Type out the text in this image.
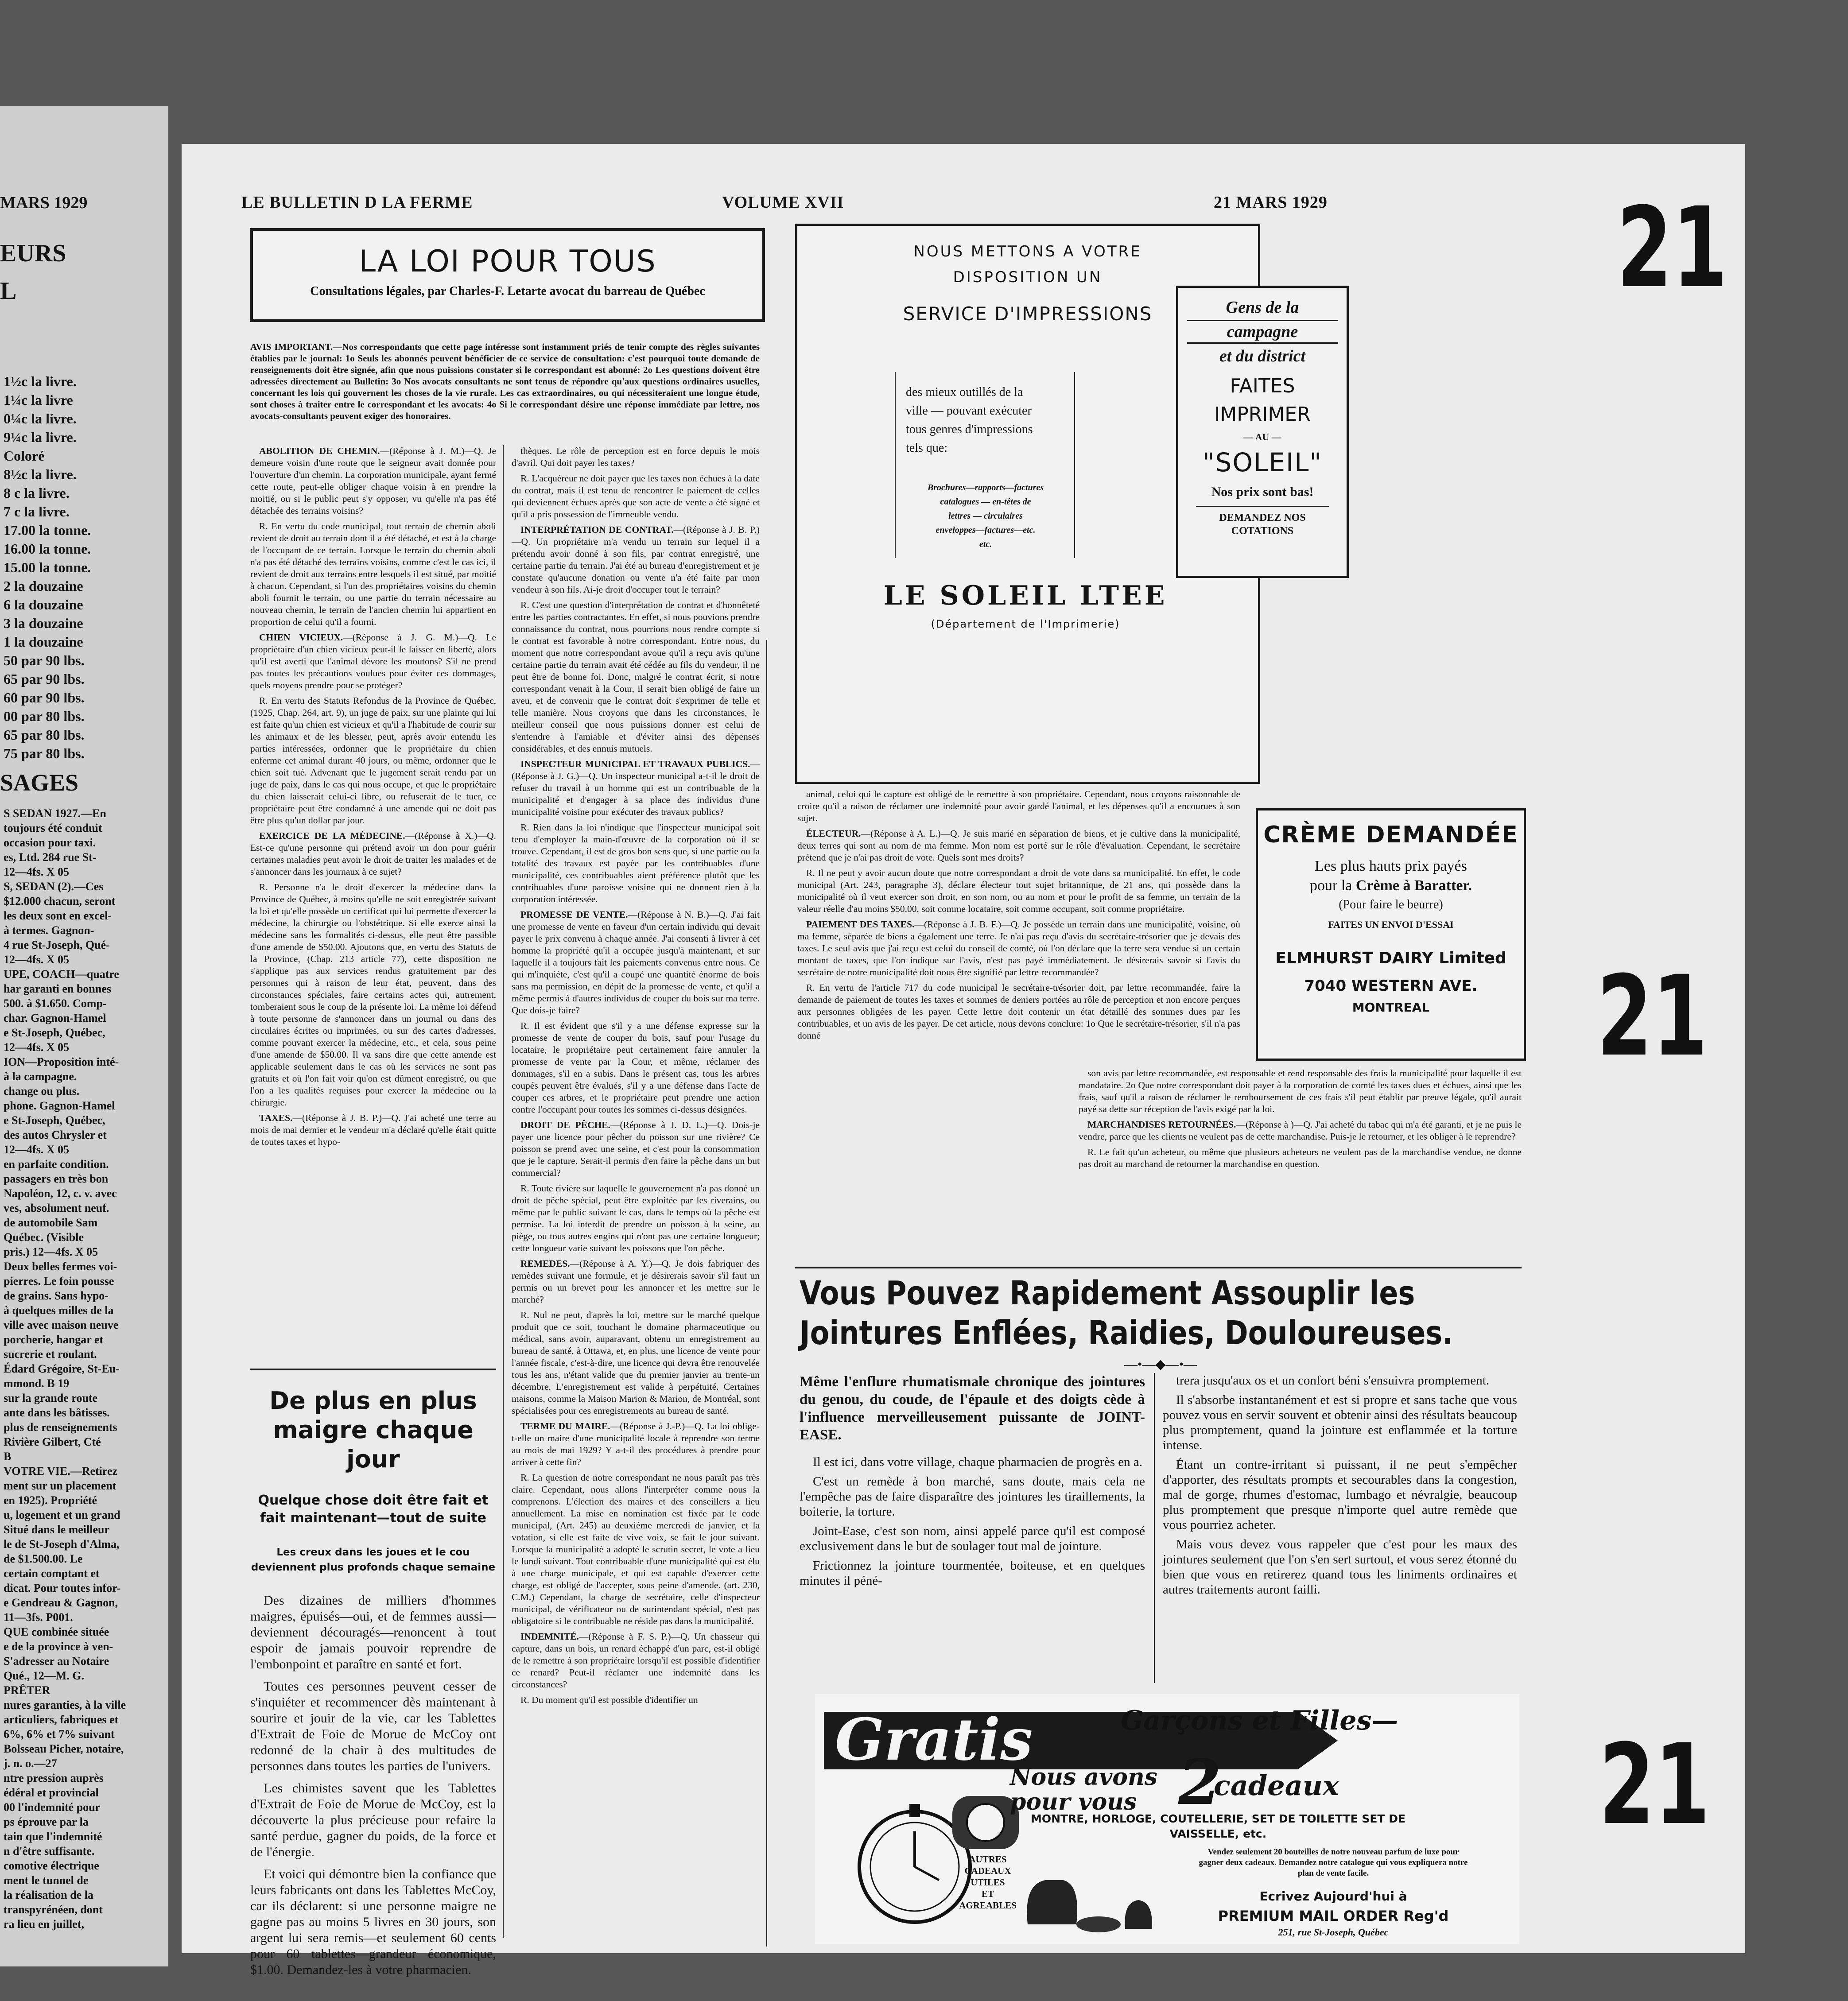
MARS 1929
EURS
L
1½c la livre.
1¼c la livre
0¼c la livre.
9¼c la livre.
Coloré
8½c la livre.
8 c la livre.
7 c la livre.
17.00 la tonne.
16.00 la tonne.
15.00 la tonne.
2 la douzaine
6 la douzaine
3 la douzaine
1 la douzaine
50 par 90 lbs.
65 par 90 lbs.
60 par 90 lbs.
00 par 80 lbs.
65 par 80 lbs.
75 par 80 lbs.
SAGES
S SEDAN 1927.—En
toujours été conduit
occasion pour taxi.
es, Ltd. 284 rue St-
12—4fs. X 05
S, SEDAN (2).—Ces
$12.000 chacun, seront
les deux sont en excel-
à termes. Gagnon-
4 rue St-Joseph, Qué-
12—4fs. X 05
UPE, COACH—quatre
har garanti en bonnes
500. à $1.650. Comp-
char. Gagnon-Hamel
e St-Joseph, Québec,
12—4fs. X 05
ION—Proposition inté-
à la campagne.
change ou plus.
phone. Gagnon-Hamel
e St-Joseph, Québec,
des autos Chrysler et
12—4fs. X 05
en parfaite condition.
passagers en très bon
Napoléon, 12, c. v. avec
ves, absolument neuf.
de automobile Sam
Québec. (Visible
pris.) 12—4fs. X 05
Deux belles fermes voi-
pierres. Le foin pousse
de grains. Sans hypo-
à quelques milles de la
ville avec maison neuve
porcherie, hangar et
sucrerie et roulant.
Édard Grégoire, St-Eu-
mmond. B 19
sur la grande route
ante dans les bâtisses.
plus de renseignements
Rivière Gilbert, Cté
B
VOTRE VIE.—Retirez
ment sur un placement
en 1925). Propriété
u, logement et un grand
Situé dans le meilleur
le de St-Joseph d'Alma,
de $1.500.00. Le
certain comptant et
dicat. Pour toutes infor-
e Gendreau & Gagnon,
11—3fs. P001.
QUE combinée située
e de la province à ven-
S'adresser au Notaire
Qué., 12—M. G.
PRÊTER
nures garanties, à la ville
articuliers, fabriques et
6%, 6% et 7% suivant
Bolsseau Picher, notaire,
j. n. o.—27
ntre pression auprès
édéral et provincial
00 l'indemnité pour
ps éprouve par la
tain que l'indemnité
n d'être suffisante.
comotive électrique
ment le tunnel de
la réalisation de la
transpyrénéen, dont
ra lieu en juillet,
LE BULLETIN D LA FERME	VOLUME XVII	21 MARS 1929
LA LOI POUR TOUS
Consultations légales, par Charles-F. Letarte avocat du barreau de Québec
AVIS IMPORTANT.—Nos correspondants que cette page intéresse sont instamment priés de tenir compte des règles suivantes établies par le journal: 1o Seuls les abonnés peuvent bénéficier de ce service de consultation: c'est pourquoi toute demande de renseignements doit être signée, afin que nous puissions constater si le correspondant est abonné: 2o Les questions doivent être adressées directement au Bulletin: 3o Nos avocats consultants ne sont tenus de répondre qu'aux questions ordinaires usuelles, concernant les lois qui gouvernent les choses de la vie rurale. Les cas extraordinaires, ou qui nécessiteraient une longue étude, sont choses à traiter entre le correspondant et les avocats: 4o Si le correspondant désire une réponse immédiate par lettre, nos avocats-consultants peuvent exiger des honoraires.

ABOLITION DE CHEMIN.—(Réponse à J. M.)—Q. Je demeure voisin d'une route que le seigneur avait donnée pour l'ouverture d'un chemin. La corporation municipale, ayant fermé cette route, peut-elle obliger chaque voisin à en prendre la moitié, ou si le public peut s'y opposer, vu qu'elle n'a pas été détachée des terrains voisins?

R. En vertu du code municipal, tout terrain de chemin aboli revient de droit au terrain dont il a été détaché, et est à la charge de l'occupant de ce terrain. Lorsque le terrain du chemin aboli n'a pas été détaché des terrains voisins, comme c'est le cas ici, il revient de droit aux terrains entre lesquels il est situé, par moitié à chacun. Cependant, si l'un des propriétaires voisins du chemin aboli fournit le terrain, ou une partie du terrain nécessaire au nouveau chemin, le terrain de l'ancien chemin lui appartient en proportion de celui qu'il a fourni.

CHIEN VICIEUX.—(Réponse à J. G. M.)—Q. Le propriétaire d'un chien vicieux peut-il le laisser en liberté, alors qu'il est averti que l'animal dévore les moutons? S'il ne prend pas toutes les précautions voulues pour éviter ces dommages, quels moyens prendre pour se protéger?

R. En vertu des Statuts Refondus de la Province de Québec, (1925, Chap. 264, art. 9), un juge de paix, sur une plainte qui lui est faite qu'un chien est vicieux et qu'il a l'habitude de courir sur les animaux et de les blesser, peut, après avoir entendu les parties intéressées, ordonner que le propriétaire du chien enferme cet animal durant 40 jours, ou même, ordonner que le chien soit tué. Advenant que le jugement serait rendu par un juge de paix, dans le cas qui nous occupe, et que le propriétaire du chien laisserait celui-ci libre, ou refuserait de le tuer, ce propriétaire peut être condamné à une amende qui ne doit pas être plus qu'un dollar par jour.

EXERCICE DE LA MÉDECINE.—(Réponse à X.)—Q. Est-ce qu'une personne qui prétend avoir un don pour guérir certaines maladies peut avoir le droit de traiter les malades et de s'annoncer dans les journaux à ce sujet?

R. Personne n'a le droit d'exercer la médecine dans la Province de Québec, à moins qu'elle ne soit enregistrée suivant la loi et qu'elle possède un certificat qui lui permette d'exercer la médecine, la chirurgie ou l'obstétrique. Si elle exerce ainsi la médecine sans les formalités ci-dessus, elle peut être passible d'une amende de $50.00. Ajoutons que, en vertu des Statuts de la Province, (Chap. 213 article 77), cette disposition ne s'applique pas aux services rendus gratuitement par des personnes qui à raison de leur état, peuvent, dans des circonstances spéciales, faire certains actes qui, autrement, tomberaient sous le coup de la présente loi. La même loi défend à toute personne de s'annoncer dans un journal ou dans des circulaires écrites ou imprimées, ou sur des cartes d'adresses, comme pouvant exercer la médecine, etc., et cela, sous peine d'une amende de $50.00. Il va sans dire que cette amende est applicable seulement dans le cas où les services ne sont pas gratuits et où l'on fait voir qu'on est dûment enregistré, ou que l'on a les qualités requises pour exercer la médecine ou la chirurgie.

TAXES.—(Réponse à J. B. P.)—Q. J'ai acheté une terre au mois de mai dernier et le vendeur m'a déclaré qu'elle était quitte de toutes taxes et hypo-

thèques. Le rôle de perception est en force depuis le mois d'avril. Qui doit payer les taxes?

R. L'acquéreur ne doit payer que les taxes non échues à la date du contrat, mais il est tenu de rencontrer le paiement de celles qui deviennent échues après que son acte de vente a été signé et qu'il a pris possession de l'immeuble vendu.

INTERPRÉTATION DE CONTRAT.—(Réponse à J. B. P.)—Q. Un propriétaire m'a vendu un terrain sur lequel il a prétendu avoir donné à son fils, par contrat enregistré, une certaine partie du terrain. J'ai été au bureau d'enregistrement et je constate qu'aucune donation ou vente n'a été faite par mon vendeur à son fils. Ai-je droit d'occuper tout le terrain?

R. C'est une question d'interprétation de contrat et d'honnêteté entre les parties contractantes. En effet, si nous pouvions prendre connaissance du contrat, nous pourrions nous rendre compte si le contrat est favorable à notre correspondant. Entre nous, du moment que notre correspondant avoue qu'il a reçu avis qu'une certaine partie du terrain avait été cédée au fils du vendeur, il ne peut être de bonne foi. Donc, malgré le contrat écrit, si notre correspondant venait à la Cour, il serait bien obligé de faire un aveu, et de convenir que le contrat doit s'exprimer de telle et telle manière. Nous croyons que dans les circonstances, le meilleur conseil que nous puissions donner est celui de s'entendre à l'amiable et d'éviter ainsi des dépenses considérables, et des ennuis mutuels.

INSPECTEUR MUNICIPAL ET TRAVAUX PUBLICS.—(Réponse à J. G.)—Q. Un inspecteur municipal a-t-il le droit de refuser du travail à un homme qui est un contribuable de la municipalité et d'engager à sa place des individus d'une municipalité voisine pour exécuter des travaux publics?

R. Rien dans la loi n'indique que l'inspecteur municipal soit tenu d'employer la main-d'œuvre de la corporation où il se trouve. Cependant, il est de gros bon sens que, si une partie ou la totalité des travaux est payée par les contribuables d'une municipalité, ces contribuables aient préférence plutôt que les contribuables d'une paroisse voisine qui ne donnent rien à la corporation intéressée.

PROMESSE DE VENTE.—(Réponse à N. B.)—Q. J'ai fait une promesse de vente en faveur d'un certain individu qui devait payer le prix convenu à chaque année. J'ai consenti à livrer à cet homme la propriété qu'il a occupée jusqu'à maintenant, et sur laquelle il a toujours fait les paiements convenus entre nous. Ce qui m'inquiète, c'est qu'il a coupé une quantité énorme de bois sans ma permission, en dépit de la promesse de vente, et qu'il a même permis à d'autres individus de couper du bois sur ma terre. Que dois-je faire?

R. Il est évident que s'il y a une défense expresse sur la promesse de vente de couper du bois, sauf pour l'usage du locataire, le propriétaire peut certainement faire annuler la promesse de vente par la Cour, et même, réclamer des dommages, s'il en a subis. Dans le présent cas, tous les arbres coupés peuvent être évalués, s'il y a une défense dans l'acte de couper ces arbres, et le propriétaire peut prendre une action contre l'occupant pour toutes les sommes ci-dessus désignées.

DROIT DE PÊCHE.—(Réponse à J. D. L.)—Q. Dois-je payer une licence pour pêcher du poisson sur une rivière? Ce poisson se prend avec une seine, et c'est pour la consommation que je le capture. Serait-il permis d'en faire la pêche dans un but commercial?

R. Toute rivière sur laquelle le gouvernement n'a pas donné un droit de pêche spécial, peut être exploitée par les riverains, ou même par le public suivant le cas, dans le temps où la pêche est permise. La loi interdit de prendre un poisson à la seine, au piège, ou tous autres engins qui n'ont pas une certaine longueur; cette longueur varie suivant les poissons que l'on pêche.

REMEDES.—(Réponse à A. Y.)—Q. Je dois fabriquer des remèdes suivant une formule, et je désirerais savoir s'il faut un permis ou un brevet pour les annoncer et les mettre sur le marché?

R. Nul ne peut, d'après la loi, mettre sur le marché quelque produit que ce soit, touchant le domaine pharmaceutique ou médical, sans avoir, auparavant, obtenu un enregistrement au bureau de santé, à Ottawa, et, en plus, une licence de vente pour l'année fiscale, c'est-à-dire, une licence qui devra être renouvelée tous les ans, n'étant valide que du premier janvier au trente-un décembre. L'enregistrement est valide à perpétuité. Certaines maisons, comme la Maison Marion & Marion, de Montréal, sont spécialisées pour ces enregistrements au bureau de santé.

TERME DU MAIRE.—(Réponse à J.-P.)—Q. La loi oblige-t-elle un maire d'une municipalité locale à reprendre son terme au mois de mai 1929? Y a-t-il des procédures à prendre pour arriver à cette fin?

R. La question de notre correspondant ne nous paraît pas très claire. Cependant, nous allons l'interpréter comme nous la comprenons. L'élection des maires et des conseillers a lieu annuellement. La mise en nomination est fixée par le code municipal, (Art. 245) au deuxième mercredi de janvier, et la votation, si elle est faite de vive voix, se fait le jour suivant. Lorsque la municipalité a adopté le scrutin secret, le vote a lieu le lundi suivant. Tout contribuable d'une municipalité qui est élu à une charge municipale, et qui est capable d'exercer cette charge, est obligé de l'accepter, sous peine d'amende. (art. 230, C.M.) Cependant, la charge de secrétaire, celle d'inspecteur municipal, de vérificateur ou de surintendant spécial, n'est pas obligatoire si le contribuable ne réside pas dans la municipalité.

INDEMNITÉ.—(Réponse à F. S. P.)—Q. Un chasseur qui capture, dans un bois, un renard échappé d'un parc, est-il obligé de le remettre à son propriétaire lorsqu'il est possible d'identifier ce renard? Peut-il réclamer une indemnité dans les circonstances?

R. Du moment qu'il est possible d'identifier un

De plus en plus maigre chaque jour
Quelque chose doit être fait et fait maintenant—tout de suite
Les creux dans les joues et le cou deviennent plus profonds chaque semaine

Des dizaines de milliers d'hommes maigres, épuisés—oui, et de femmes aussi—deviennent découragés—renoncent à tout espoir de jamais pouvoir reprendre de l'embonpoint et paraître en santé et fort.

Toutes ces personnes peuvent cesser de s'inquiéter et recommencer dès maintenant à sourire et jouir de la vie, car les Tablettes d'Extrait de Foie de Morue de McCoy ont redonné de la chair à des multitudes de personnes dans toutes les parties de l'univers.

Les chimistes savent que les Tablettes d'Extrait de Foie de Morue de McCoy, est la découverte la plus précieuse pour refaire la santé perdue, gagner du poids, de la force et de l'énergie.

Et voici qui démontre bien la confiance que leurs fabricants ont dans les Tablettes McCoy, car ils déclarent: si une personne maigre ne gagne pas au moins 5 livres en 30 jours, son argent lui sera remis—et seulement 60 cents pour 60 tablettes—grandeur économique, $1.00. Demandez-les à votre pharmacien.

NOUS METTONS A VOTRE
DISPOSITION UN
SERVICE D'IMPRESSIONS
des mieux outillés de la
ville — pouvant exécuter
tous genres d'impressions
tels que:
Brochures—rapports—factures
catalogues — en-têtes de
lettres — circulaires
enveloppes—factures—etc.
etc.
LE SOLEIL LTEE
(Département de l'Imprimerie)
Gens de la
campagne
et du district
FAITES
IMPRIMER
— AU —
"SOLEIL"
Nos prix sont bas!
DEMANDEZ NOS
COTATIONS

animal, celui qui le capture est obligé de le remettre à son propriétaire. Cependant, nous croyons raisonnable de croire qu'il a raison de réclamer une indemnité pour avoir gardé l'animal, et les dépenses qu'il a encourues à son sujet.

ÉLECTEUR.—(Réponse à A. L.)—Q. Je suis marié en séparation de biens, et je cultive dans la municipalité, deux terres qui sont au nom de ma femme. Mon nom est porté sur le rôle d'évaluation. Cependant, le secrétaire prétend que je n'ai pas droit de vote. Quels sont mes droits?

R. Il ne peut y avoir aucun doute que notre correspondant a droit de vote dans sa municipalité. En effet, le code municipal (Art. 243, paragraphe 3), déclare électeur tout sujet britannique, de 21 ans, qui possède dans la municipalité où il veut exercer son droit, en son nom, ou au nom et pour le profit de sa femme, un terrain de la valeur réelle d'au moins $50.00, soit comme locataire, soit comme occupant, soit comme propriétaire.

PAIEMENT DES TAXES.—(Réponse à J. B. F.)—Q. Je possède un terrain dans une municipalité, voisine, où ma femme, séparée de biens a également une terre. Je n'ai pas reçu d'avis du secrétaire-trésorier que je devais des taxes. Le seul avis que j'ai reçu est celui du conseil de comté, où l'on déclare que la terre sera vendue si un certain montant de taxes, que l'on indique sur l'avis, n'est pas payé immédiatement. Je désirerais savoir si l'avis du secrétaire de notre municipalité doit nous être signifié par lettre recommandée?

R. En vertu de l'article 717 du code municipal le secrétaire-trésorier doit, par lettre recommandée, faire la demande de paiement de toutes les taxes et sommes de deniers portées au rôle de perception et non encore perçues aux personnes obligées de les payer. Cette lettre doit contenir un état détaillé des sommes dues par les contribuables, et un avis de les payer. De cet article, nous devons conclure: 1o Que le secrétaire-trésorier, s'il n'a pas donné

CRÈME DEMANDÉE
Les plus hauts prix payés
pour la Crème à Baratter.
(Pour faire le beurre)
FAITES UN ENVOI D'ESSAI
ELMHURST DAIRY Limited
7040 WESTERN AVE.
MONTREAL

son avis par lettre recommandée, est responsable et rend responsable des frais la municipalité pour laquelle il est mandataire. 2o Que notre correspondant doit payer à la corporation de comté les taxes dues et échues, ainsi que les frais, sauf qu'il a raison de réclamer le remboursement de ces frais s'il peut établir par preuve légale, qu'il aurait payé sa dette sur réception de l'avis exigé par la loi.

MARCHANDISES RETOURNÉES.—(Réponse à )—Q. J'ai acheté du tabac qui m'a été garanti, et je ne puis le vendre, parce que les clients ne veulent pas de cette marchandise. Puis-je le retourner, et les obliger à le reprendre?

R. Le fait qu'un acheteur, ou même que plusieurs acheteurs ne veulent pas de la marchandise vendue, ne donne pas droit au marchand de retourner la marchandise en question.

Vous Pouvez Rapidement Assouplir les
Jointures Enflées, Raidies, Douloureuses.
—•—◆—•—
Même l'enflure rhumatismale chronique des jointures du genou, du coude, de l'épaule et des doigts cède à l'influence merveilleusement puissante de JOINT-EASE.

Il est ici, dans votre village, chaque pharmacien de progrès en a.

C'est un remède à bon marché, sans doute, mais cela ne l'empêche pas de faire disparaître des jointures les tiraillements, la boiterie, la torture.

Joint-Ease, c'est son nom, ainsi appelé parce qu'il est composé exclusivement dans le but de soulager tout mal de jointure.

Frictionnez la jointure tourmentée, boiteuse, et en quelques minutes il péné-

trera jusqu'aux os et un confort béni s'ensuivra promptement.

Il s'absorbe instantanément et est si propre et sans tache que vous pouvez vous en servir souvent et obtenir ainsi des résultats beaucoup plus promptement, quand la jointure est enflammée et la torture intense.

Étant un contre-irritant si puissant, il ne peut s'empêcher d'apporter, des résultats prompts et secourables dans la congestion, mal de gorge, rhumes d'estomac, lumbago et névralgie, beaucoup plus promptement que presque n'importe quel autre remède que vous pourriez acheter.

Mais vous devez vous rappeler que c'est pour les maux des jointures seulement que l'on s'en sert surtout, et vous serez étonné du bien que vous en retirerez quand tous les liniments ordinaires et autres traitements auront failli.

Gratis	Garçons et Filles—
Nous avons pour vous 2
cadeaux
MONTRE, HORLOGE, COUTELLERIE, SET DE TOILETTE SET DE VAISSELLE, etc.
AUTRES
CADEAUX
UTILES
ET
AGREABLES
Vendez seulement 20 bouteilles de notre nouveau parfum de luxe pour gagner deux cadeaux. Demandez notre catalogue qui vous expliquera notre plan de vente facile.
Ecrivez Aujourd'hui à
PREMIUM MAIL ORDER Reg'd
251, rue St-Joseph, Québec
21
21
21
